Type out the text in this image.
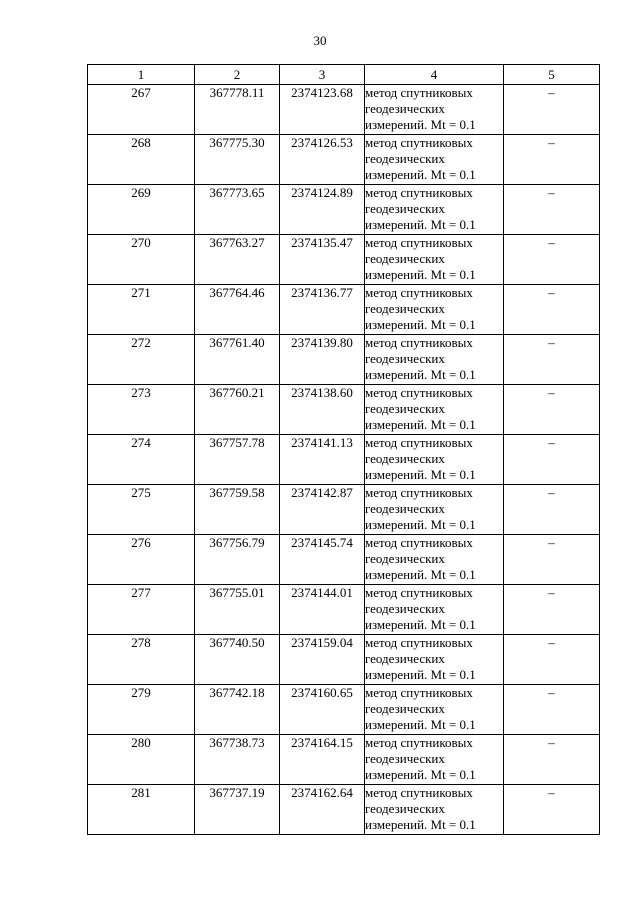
30
1	2	3	4	5
267	367778.11	2374123.68	метод спутниковых
геодезических
измерений. Mt = 0.1	–
268	367775.30	2374126.53	метод спутниковых
геодезических
измерений. Mt = 0.1	–
269	367773.65	2374124.89	метод спутниковых
геодезических
измерений. Mt = 0.1	–
270	367763.27	2374135.47	метод спутниковых
геодезических
измерений. Mt = 0.1	–
271	367764.46	2374136.77	метод спутниковых
геодезических
измерений. Mt = 0.1	–
272	367761.40	2374139.80	метод спутниковых
геодезических
измерений. Mt = 0.1	–
273	367760.21	2374138.60	метод спутниковых
геодезических
измерений. Mt = 0.1	–
274	367757.78	2374141.13	метод спутниковых
геодезических
измерений. Mt = 0.1	–
275	367759.58	2374142.87	метод спутниковых
геодезических
измерений. Mt = 0.1	–
276	367756.79	2374145.74	метод спутниковых
геодезических
измерений. Mt = 0.1	–
277	367755.01	2374144.01	метод спутниковых
геодезических
измерений. Mt = 0.1	–
278	367740.50	2374159.04	метод спутниковых
геодезических
измерений. Mt = 0.1	–
279	367742.18	2374160.65	метод спутниковых
геодезических
измерений. Mt = 0.1	–
280	367738.73	2374164.15	метод спутниковых
геодезических
измерений. Mt = 0.1	–
281	367737.19	2374162.64	метод спутниковых
геодезических
измерений. Mt = 0.1	–
